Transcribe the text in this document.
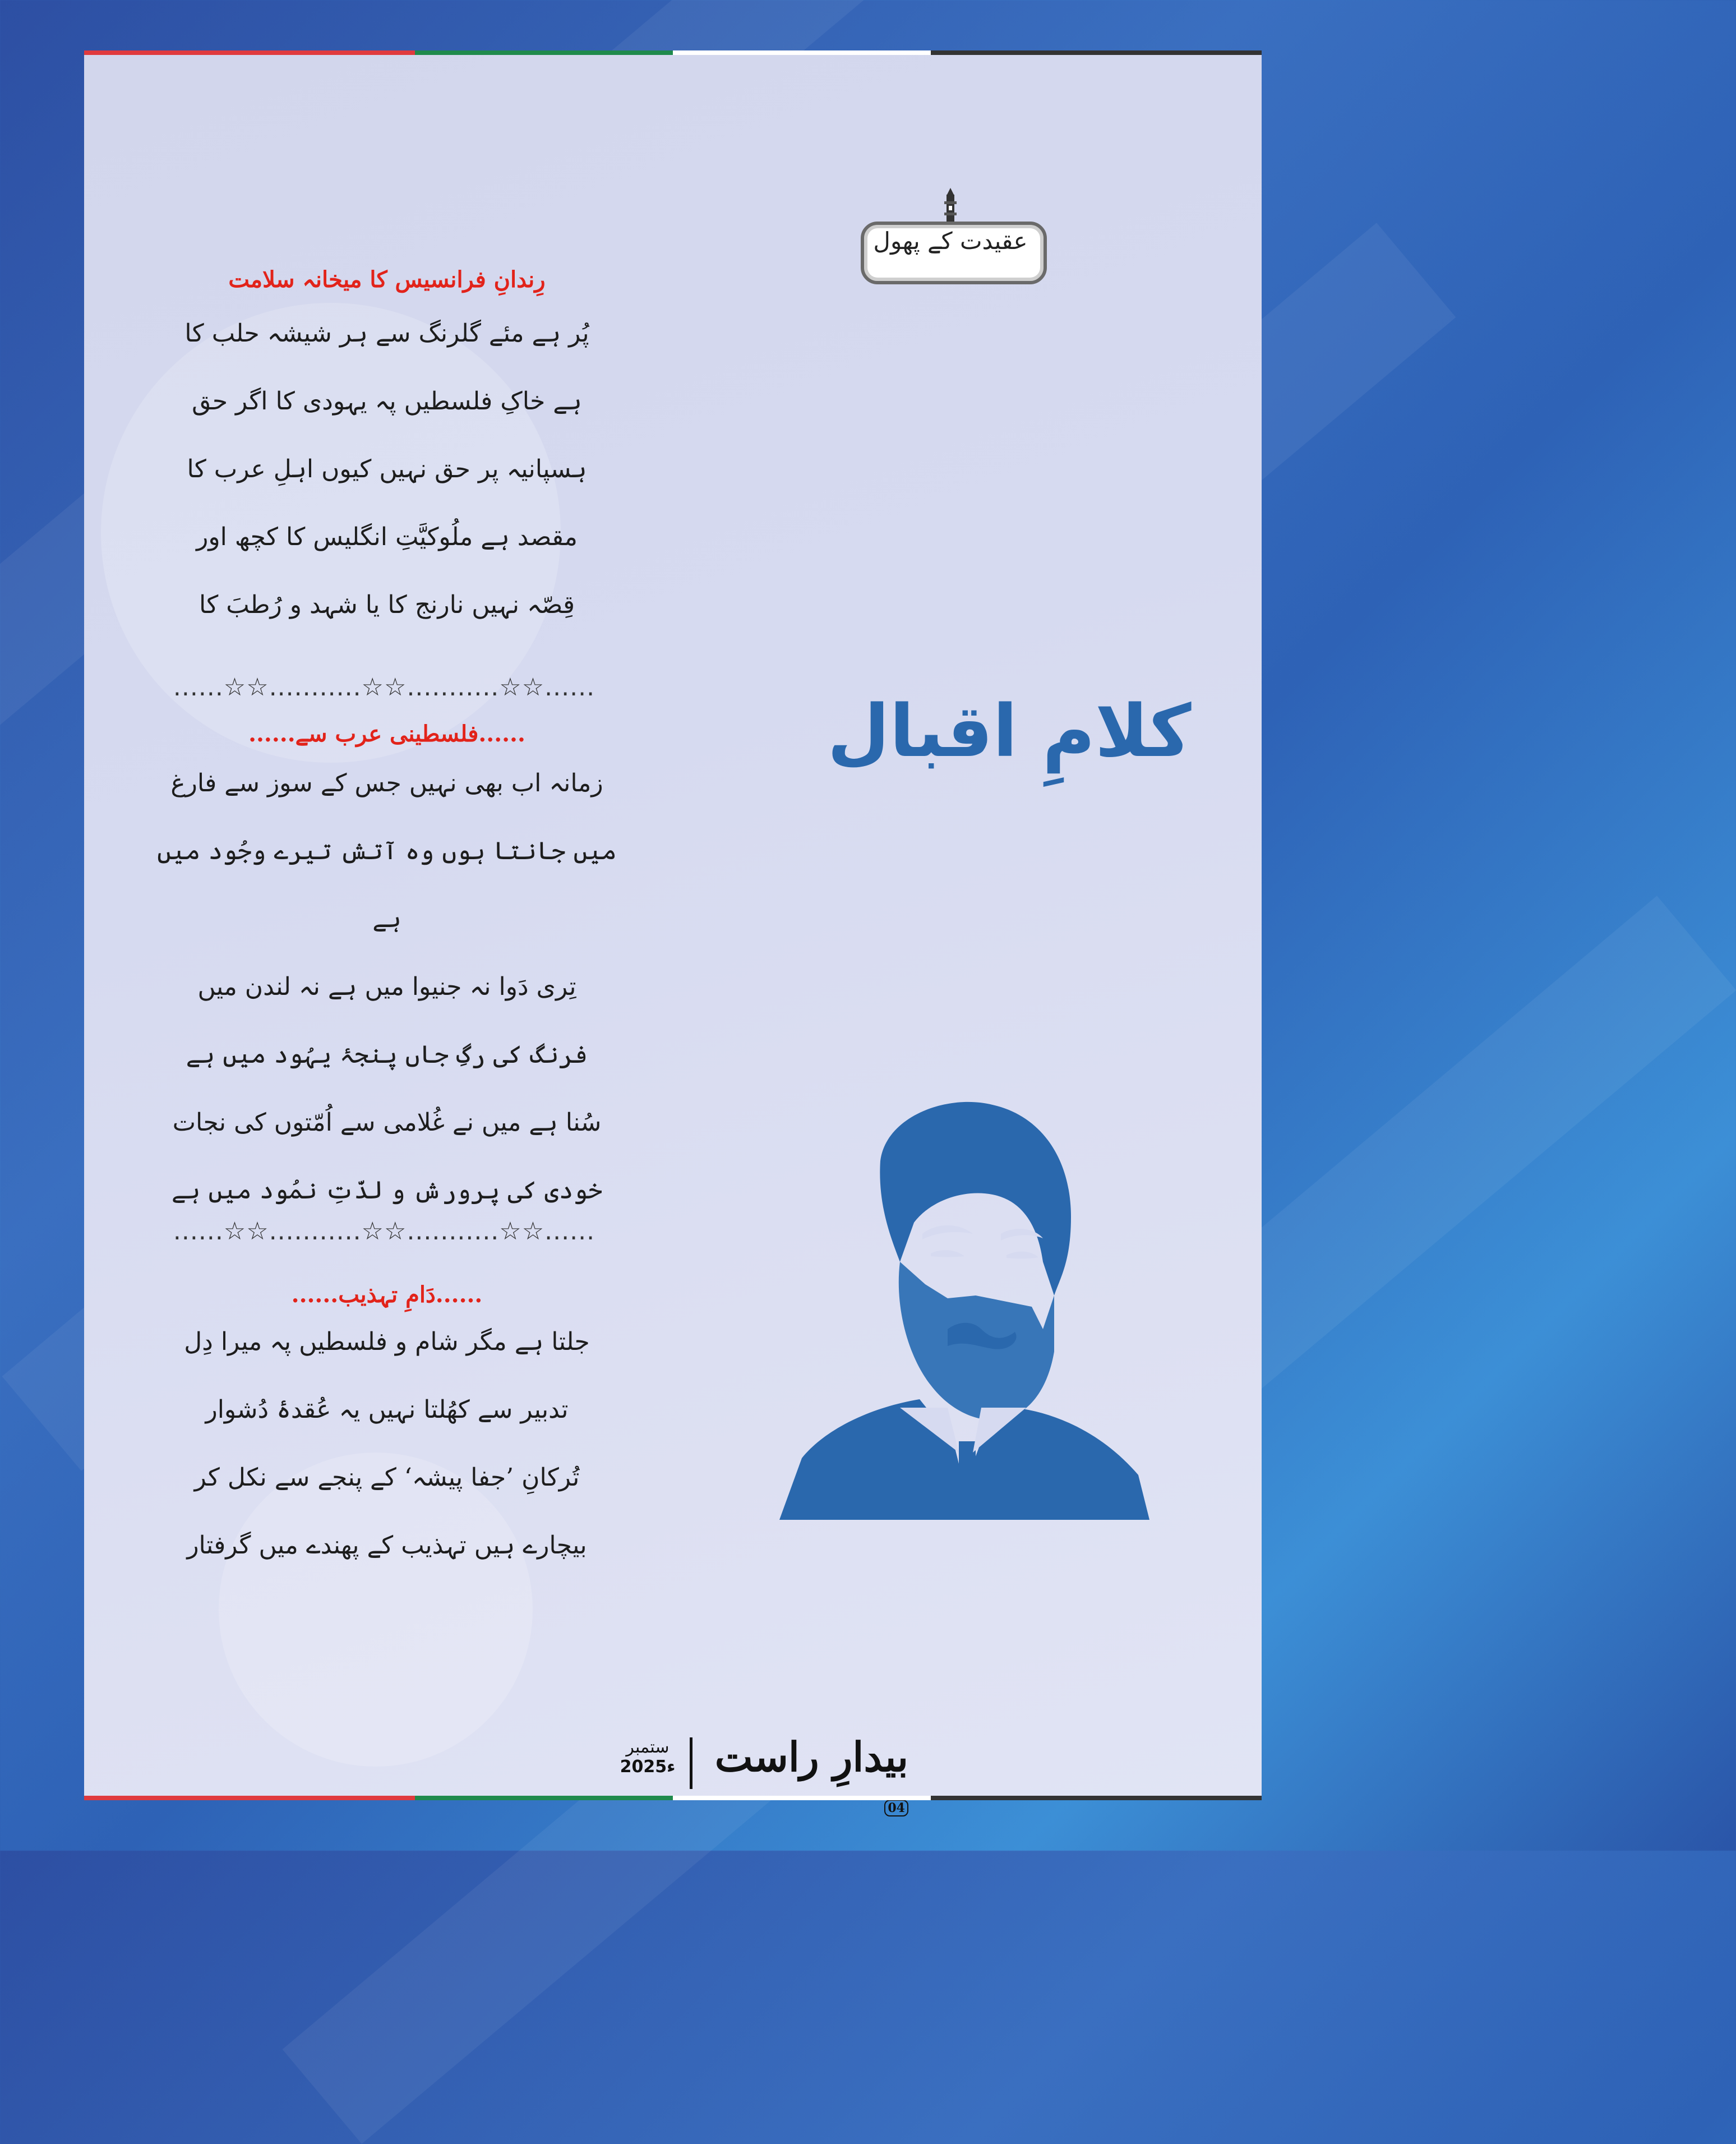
عقیدت کے پھول
رِندانِ فرانسیس کا میخانہ سلامت
پُر ہے مئے گلرنگ سے ہر شیشہ حلب کا
ہے خاکِ فلسطیں پہ یہودی کا اگر حق
ہسپانیہ پر حق نہیں کیوں اہلِ عرب کا
مقصد ہے ملُوکیَّتِ انگلیس کا کچھ اور
قِصّہ نہیں نارنج کا یا شہد و رُطبَ کا
......☆☆...........☆☆...........☆☆......
......فلسطینی عرب سے......
زمانہ اب بھی نہیں جس کے سوز سے فارغ
میں جانتا ہوں وہ آتش تیرے وجُود میں ہے
تِری دَوا نہ جنیوا میں ہے نہ لندن میں
فرنگ کی رگِ جاں پنجۂ یہُود میں ہے
سُنا ہے میں نے غُلامی سے اُمّتوں کی نجات
خودی کی پرورش و لذّتِ نمُود میں ہے
......☆☆...........☆☆...........☆☆......
......دَامِ تہذیب......
جلتا ہے مگر شام و فلسطیں پہ میرا دِل
تدبیر سے کھُلتا نہیں یہ عُقدۂ دُشوار
تُرکانِ ’جفا پیشہ‘ کے پنجے سے نکل کر
بیچارے ہیں تہذیب کے پھندے میں گرفتار
کلامِ اقبال
ستمبر
2025ء بیدارِ راست 04
